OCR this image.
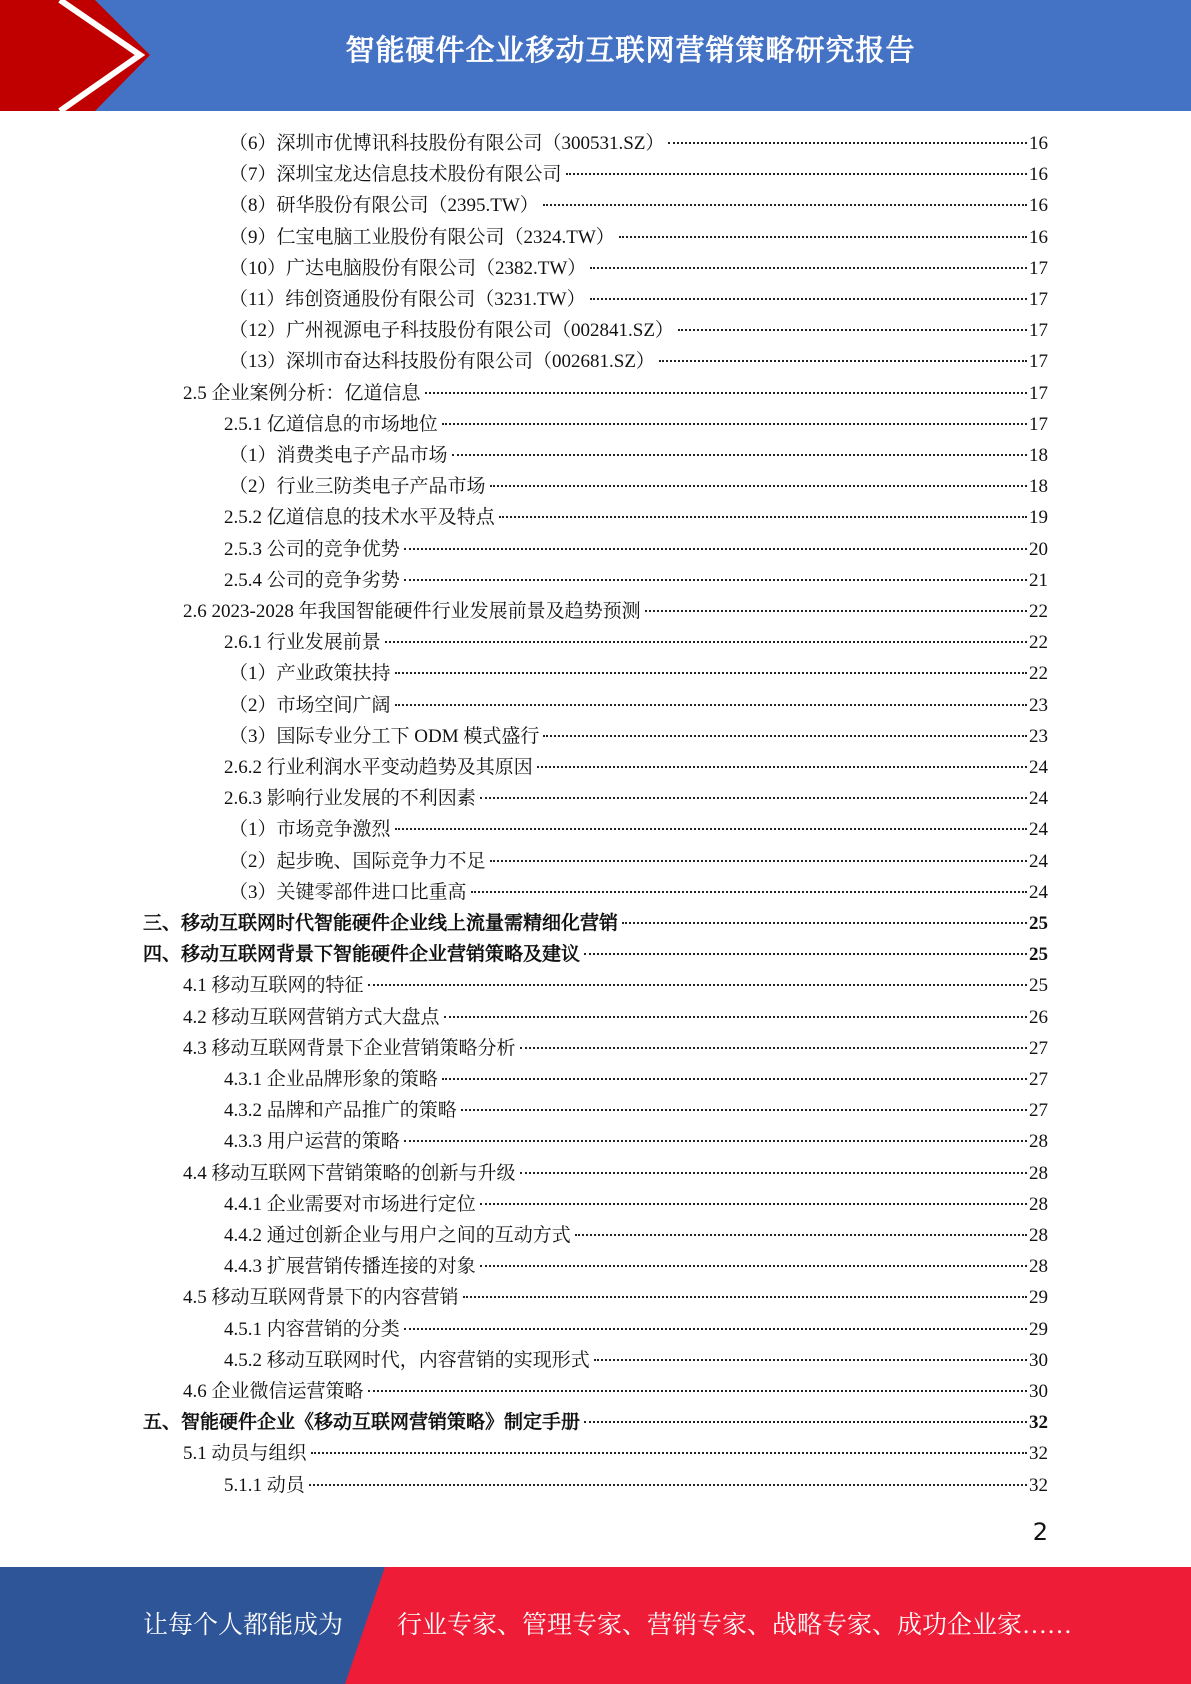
智能硬件企业移动互联网营销策略研究报告
（6）深圳市优博讯科技股份有限公司（300531.SZ）	16
（7）深圳宝龙达信息技术股份有限公司	16
（8）研华股份有限公司（2395.TW）	16
（9）仁宝电脑工业股份有限公司（2324.TW）	16
（10）广达电脑股份有限公司（2382.TW）	17
（11）纬创资通股份有限公司（3231.TW）	17
（12）广州视源电子科技股份有限公司（002841.SZ）	17
（13）深圳市奋达科技股份有限公司（002681.SZ）	17
2.5 企业案例分析：亿道信息	17
2.5.1 亿道信息的市场地位	17
（1）消费类电子产品市场	18
（2）行业三防类电子产品市场	18
2.5.2 亿道信息的技术水平及特点	19
2.5.3 公司的竞争优势	20
2.5.4 公司的竞争劣势	21
2.6 2023-2028 年我国智能硬件行业发展前景及趋势预测	22
2.6.1 行业发展前景	22
（1）产业政策扶持	22
（2）市场空间广阔	23
（3）国际专业分工下 ODM 模式盛行	23
2.6.2 行业利润水平变动趋势及其原因	24
2.6.3 影响行业发展的不利因素	24
（1）市场竞争激烈	24
（2）起步晚、国际竞争力不足	24
（3）关键零部件进口比重高	24
三、移动互联网时代智能硬件企业线上流量需精细化营销	25
四、移动互联网背景下智能硬件企业营销策略及建议	25
4.1 移动互联网的特征	25
4.2 移动互联网营销方式大盘点	26
4.3 移动互联网背景下企业营销策略分析	27
4.3.1 企业品牌形象的策略	27
4.3.2 品牌和产品推广的策略	27
4.3.3 用户运营的策略	28
4.4 移动互联网下营销策略的创新与升级	28
4.4.1 企业需要对市场进行定位	28
4.4.2 通过创新企业与用户之间的互动方式	28
4.4.3 扩展营销传播连接的对象	28
4.5 移动互联网背景下的内容营销	29
4.5.1 内容营销的分类	29
4.5.2 移动互联网时代，内容营销的实现形式	30
4.6 企业微信运营策略	30
五、智能硬件企业《移动互联网营销策略》制定手册	32
5.1 动员与组织	32
5.1.1 动员	32
2
让每个人都能成为 行业专家、管理专家、营销专家、战略专家、成功企业家……
